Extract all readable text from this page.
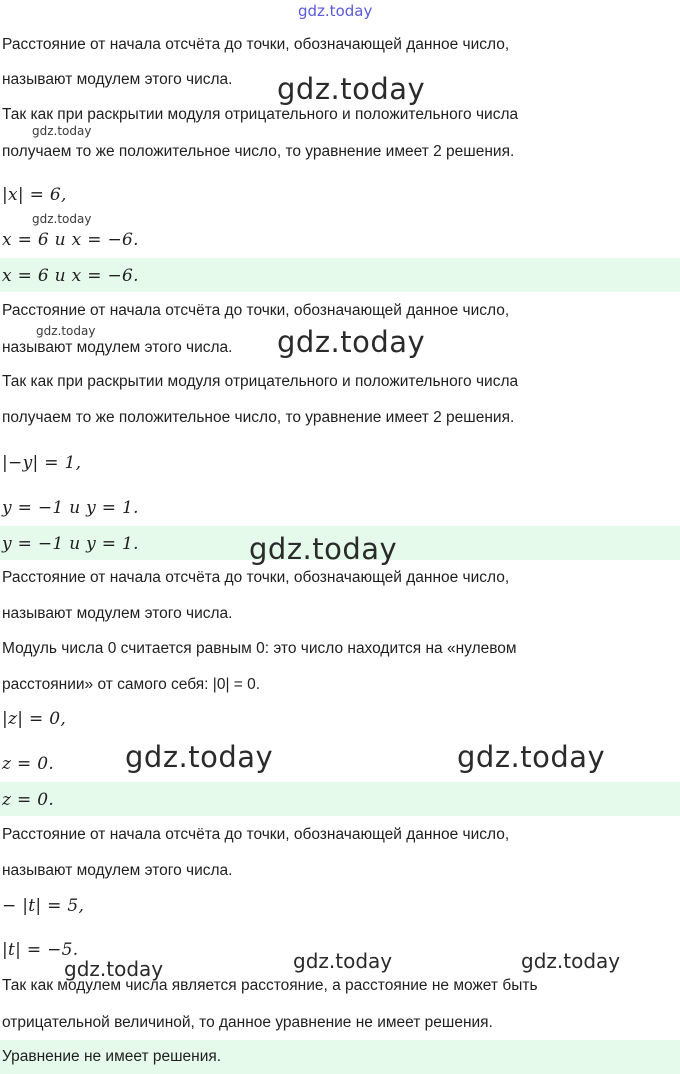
Расстояние от начала отсчёта до точки, обозначающей данное число,
называют модулем этого числа.
Так как при раскрытии модуля отрицательного и положительного числа
получаем то же положительное число, то уравнение имеет 2 решения.
|x| = 6,
x = 6 и x = −6.
x = 6 и x = −6.
Расстояние от начала отсчёта до точки, обозначающей данное число,
называют модулем этого числа.
Так как при раскрытии модуля отрицательного и положительного числа
получаем то же положительное число, то уравнение имеет 2 решения.
|−y| = 1,
y = −1 и y = 1.
y = −1 и y = 1.
Расстояние от начала отсчёта до точки, обозначающей данное число,
называют модулем этого числа.
Модуль числа 0 считается равным 0: это число находится на «нулевом
расстоянии» от самого себя: |0| = 0.
|z| = 0,
z = 0.
z = 0.
Расстояние от начала отсчёта до точки, обозначающей данное число,
называют модулем этого числа.
− |t| = 5,
|t| = −5.
Так как модулем числа является расстояние, а расстояние не может быть
отрицательной величиной, то данное уравнение не имеет решения.
Уравнение не имеет решения.
gdz.today
gdz.today
gdz.today
gdz.today
gdz.today	gdz.today
gdz.today
gdz.today	gdz.today
gdz.today	gdz.today	gdz.today
